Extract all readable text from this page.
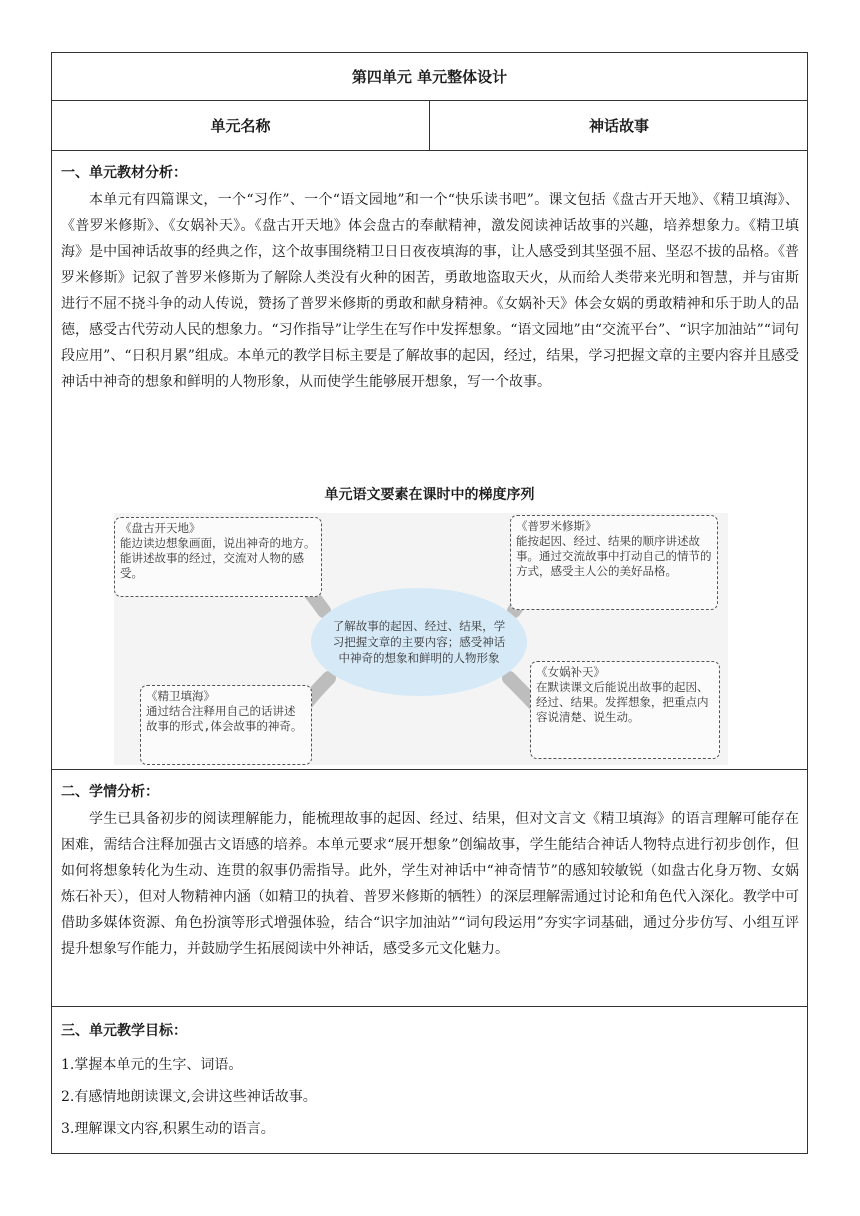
第四单元 单元整体设计
单元名称	神话故事
一、单元教材分析：

本单元有四篇课文，一个“习作”、一个“语文园地”和一个“快乐读书吧”。课文包括《盘古开天地》、《精卫填海》、《普罗米修斯》、《女娲补天》。《盘古开天地》体会盘古的奉献精神，激发阅读神话故事的兴趣，培养想象力。《精卫填海》是中国神话故事的经典之作，这个故事围绕精卫日日夜夜填海的事，让人感受到其坚强不屈、坚忍不拔的品格。《普罗米修斯》记叙了普罗米修斯为了解除人类没有火种的困苦，勇敢地盗取天火，从而给人类带来光明和智慧，并与宙斯进行不屈不挠斗争的动人传说，赞扬了普罗米修斯的勇敢和献身精神。《女娲补天》体会女娲的勇敢精神和乐于助人的品德，感受古代劳动人民的想象力。“习作指导”让学生在写作中发挥想象。“语文园地”由“交流平台”、“识字加油站”“词句段应用”、“日积月累”组成。本单元的教学目标主要是了解故事的起因，经过，结果，学习把握文章的主要内容并且感受神话中神奇的想象和鲜明的人物形象，从而使学生能够展开想象，写一个故事。

单元语文要素在课时中的梯度序列
《盘古开天地》
能边读边想象画面，说出神奇的地方。能讲述故事的经过，交流对人物的感受。
《普罗米修斯》
能按起因、经过、结果的顺序讲述故事。通过交流故事中打动自己的情节的方式，感受主人公的美好品格。
了解故事的起因、经过、结果，学习把握文章的主要内容；感受神话中神奇的想象和鲜明的人物形象
《精卫填海》
通过结合注释用自己的话讲述故事的形式,体会故事的神奇。
《女娲补天》
在默读课文后能说出故事的起因、经过、结果。发挥想象，把重点内容说清楚、说生动。
二、学情分析：

学生已具备初步的阅读理解能力，能梳理故事的起因、经过、结果，但对文言文《精卫填海》的语言理解可能存在困难，需结合注释加强古文语感的培养。本单元要求“展开想象”创编故事，学生能结合神话人物特点进行初步创作，但如何将想象转化为生动、连贯的叙事仍需指导。此外，学生对神话中“神奇情节”的感知较敏锐（如盘古化身万物、女娲炼石补天），但对人物精神内涵（如精卫的执着、普罗米修斯的牺牲）的深层理解需通过讨论和角色代入深化。教学中可借助多媒体资源、角色扮演等形式增强体验，结合“识字加油站”“词句段运用”夯实字词基础，通过分步仿写、小组互评提升想象写作能力，并鼓励学生拓展阅读中外神话，感受多元文化魅力。

三、单元教学目标：
1.掌握本单元的生字、词语。
2.有感情地朗读课文,会讲这些神话故事。
3.理解课文内容,积累生动的语言。
